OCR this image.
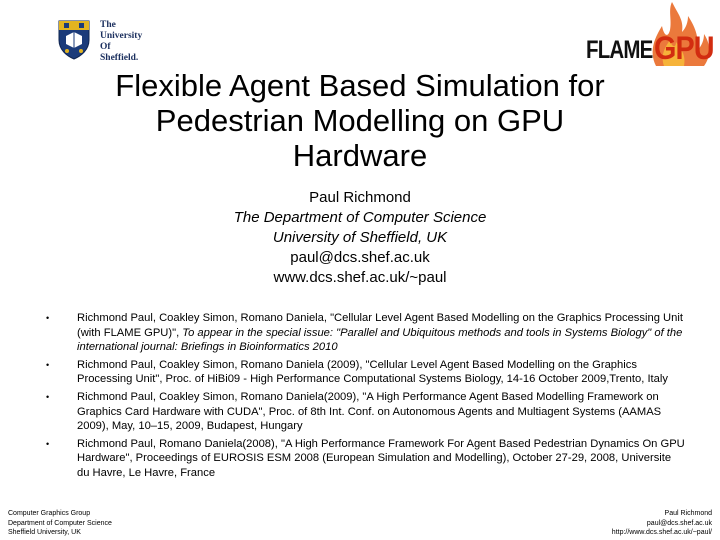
The
University
Of
Sheffield.	FLAME GPU
Flexible Agent Based Simulation for
Pedestrian Modelling on GPU
Hardware
Paul Richmond
The Department of Computer Science
University of Sheffield, UK
paul@dcs.shef.ac.uk
www.dcs.shef.ac.uk/~paul
• Richmond Paul, Coakley Simon, Romano Daniela, "Cellular Level Agent Based Modelling on the Graphics Processing Unit (with FLAME GPU)", To appear in the special issue: "Parallel and Ubiquitous methods and tools in Systems Biology" of the international journal: Briefings in Bioinformatics 2010
• Richmond Paul, Coakley Simon, Romano Daniela (2009), "Cellular Level Agent Based Modelling on the Graphics Processing Unit", Proc. of HiBi09 - High Performance Computational Systems Biology, 14-16 October 2009,Trento, Italy
• Richmond Paul, Coakley Simon, Romano Daniela(2009), "A High Performance Agent Based Modelling Framework on Graphics Card Hardware with CUDA", Proc. of 8th Int. Conf. on Autonomous Agents and Multiagent Systems (AAMAS 2009), May, 10–15, 2009, Budapest, Hungary
• Richmond Paul, Romano Daniela(2008), "A High Performance Framework For Agent Based Pedestrian Dynamics On GPU Hardware", Proceedings of EUROSIS ESM 2008 (European Simulation and Modelling), October 27-29, 2008, Universite du Havre, Le Havre, France
Computer Graphics Group
Department of Computer Science
Sheffield University, UK
Paul Richmond
paul@dcs.shef.ac.uk
http://www.dcs.shef.ac.uk/~paul/
